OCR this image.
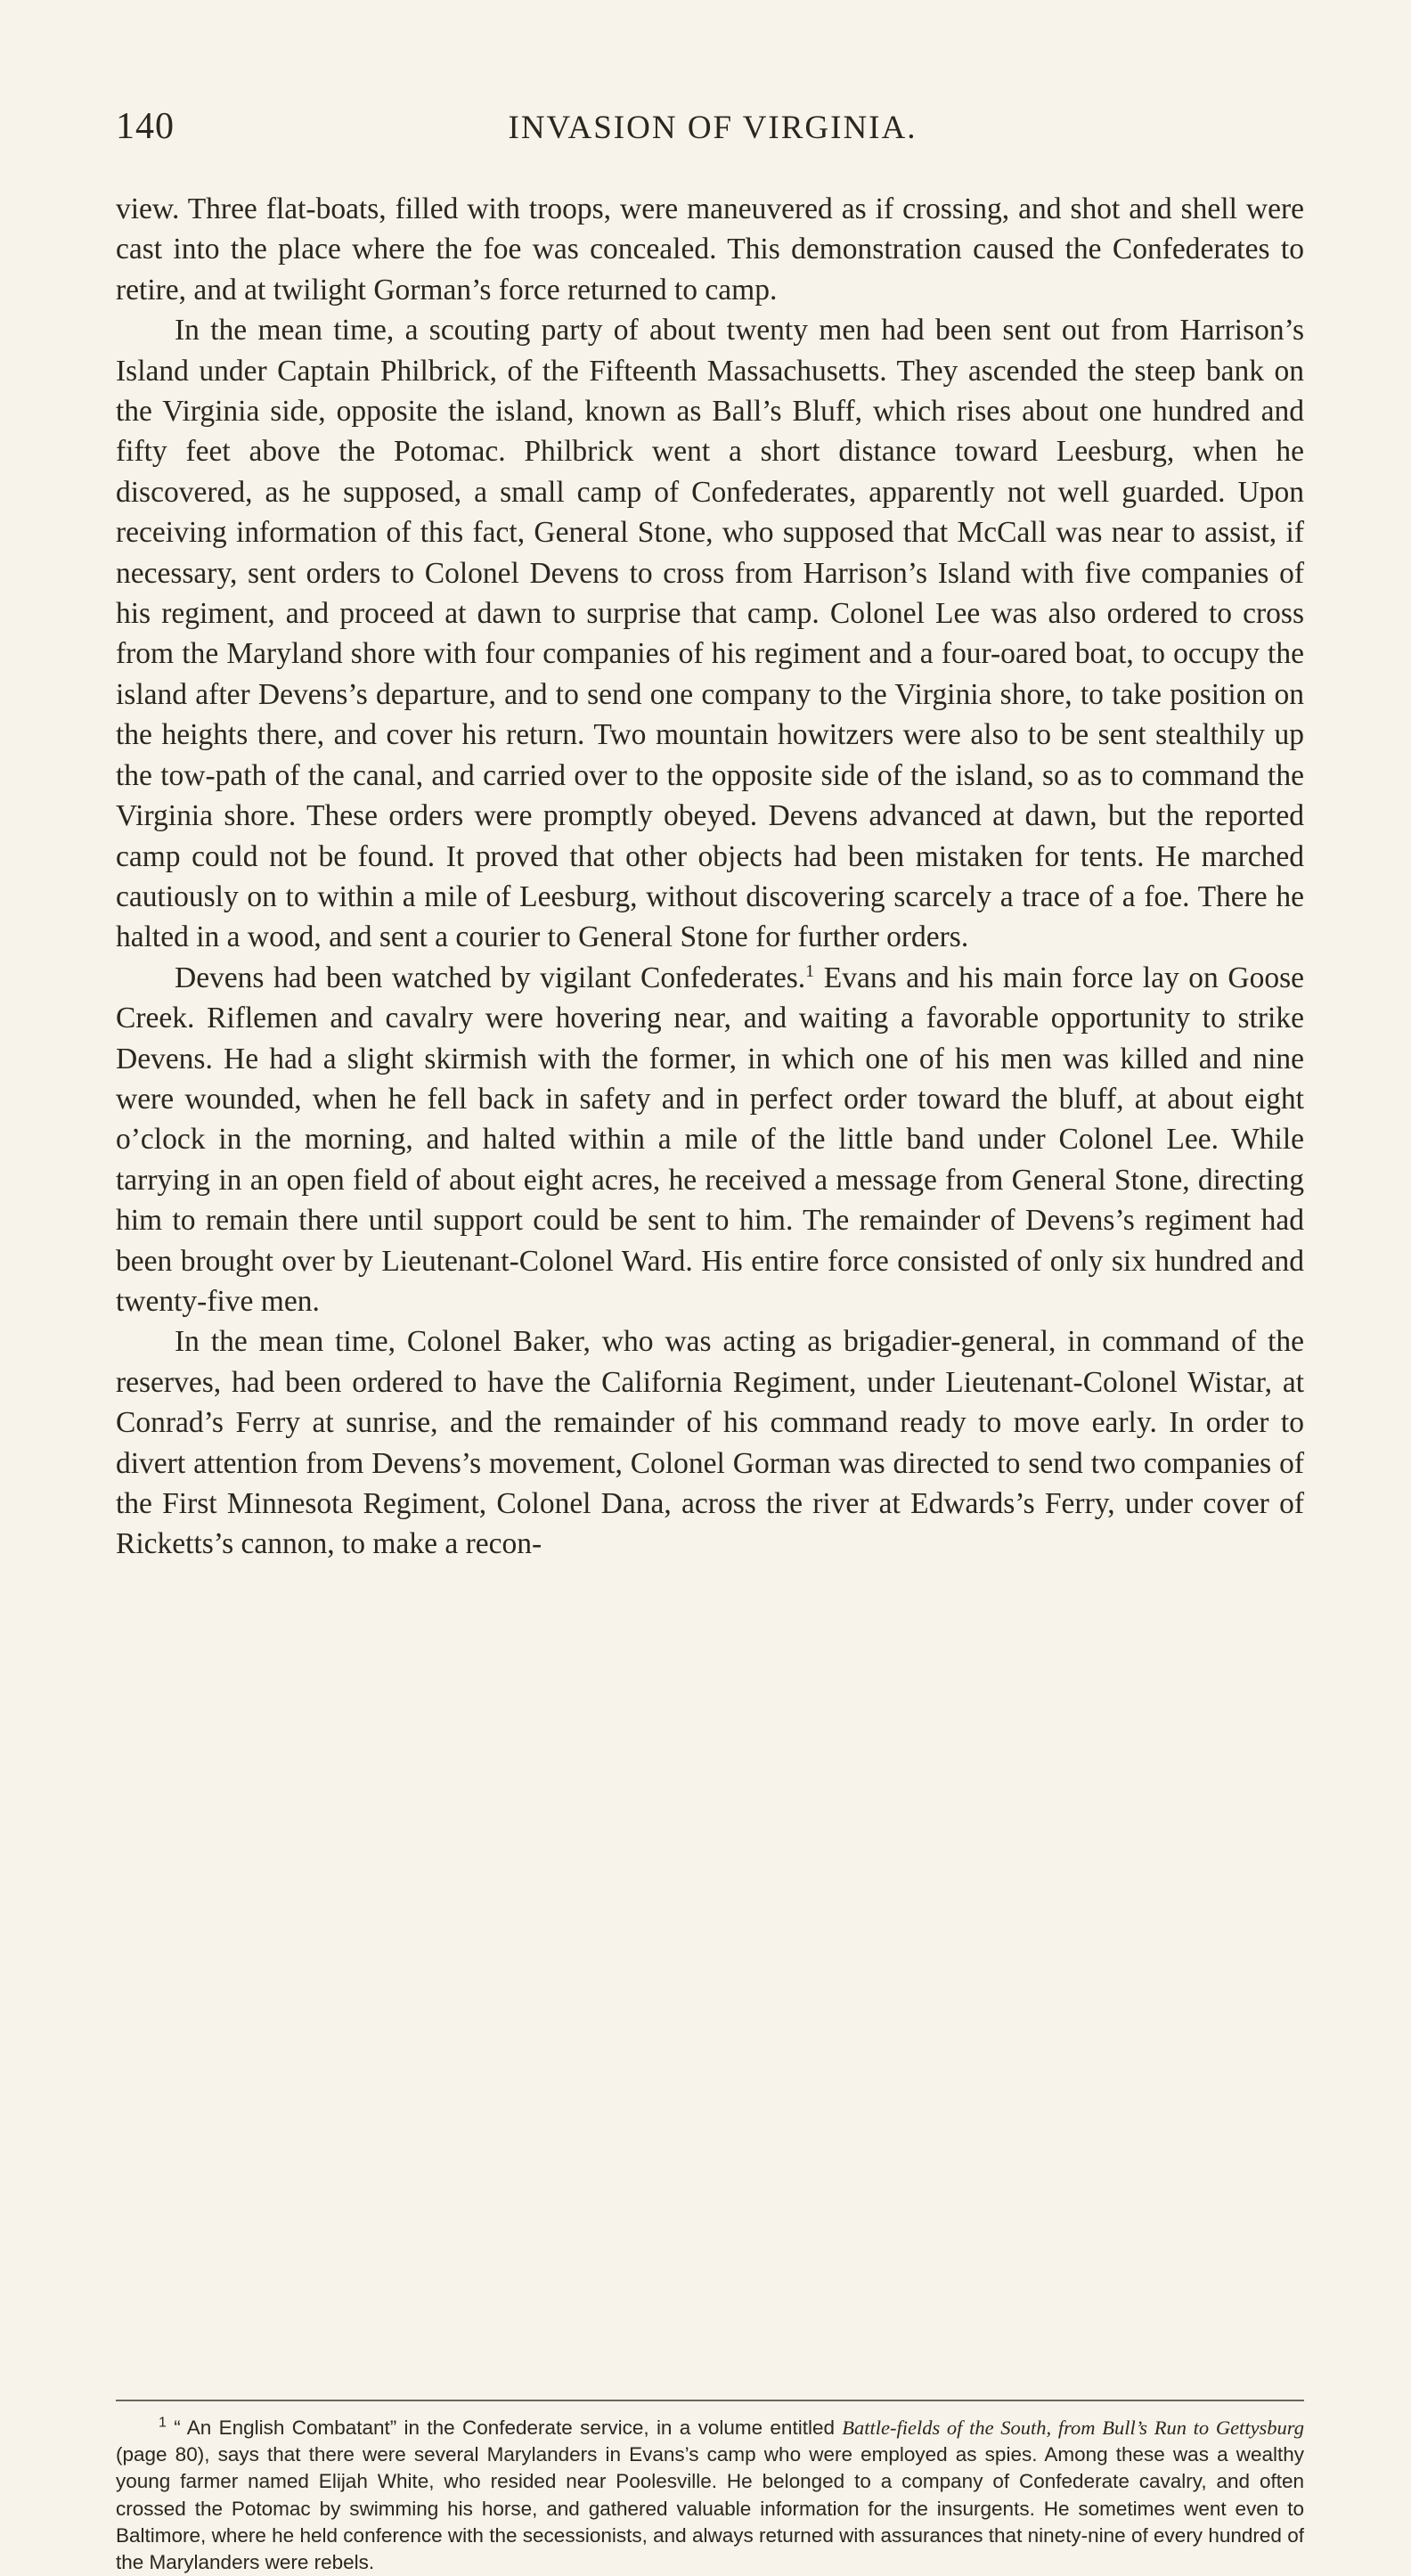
140	INVASION OF VIRGINIA.

view. Three flat-boats, filled with troops, were maneuvered as if crossing, and shot and shell were cast into the place where the foe was concealed. This demonstration caused the Confederates to retire, and at twilight Gorman’s force returned to camp.

In the mean time, a scouting party of about twenty men had been sent out from Harrison’s Island under Captain Philbrick, of the Fifteenth Massachusetts. They ascended the steep bank on the Virginia side, opposite the island, known as Ball’s Bluff, which rises about one hundred and fifty feet above the Potomac. Philbrick went a short distance toward Leesburg, when he discovered, as he supposed, a small camp of Confederates, apparently not well guarded. Upon receiving information of this fact, General Stone, who supposed that McCall was near to assist, if necessary, sent orders to Colonel Devens to cross from Harrison’s Island with five companies of his regiment, and proceed at dawn to surprise that camp. Colonel Lee was also ordered to cross from the Maryland shore with four companies of his regiment and a four-oared boat, to occupy the island after Devens’s departure, and to send one company to the Virginia shore, to take position on the heights there, and cover his return. Two mountain howitzers were also to be sent stealthily up the tow-path of the canal, and carried over to the opposite side of the island, so as to command the Virginia shore. These orders were promptly obeyed. Devens advanced at dawn, but the reported camp could not be found. It proved that other objects had been mistaken for tents. He marched cautiously on to within a mile of Leesburg, without discovering scarcely a trace of a foe. There he halted in a wood, and sent a courier to General Stone for further orders.

Devens had been watched by vigilant Confederates.$^1$ Evans and his main force lay on Goose Creek. Riflemen and cavalry were hovering near, and waiting a favorable opportunity to strike Devens. He had a slight skirmish with the former, in which one of his men was killed and nine were wounded, when he fell back in safety and in perfect order toward the bluff, at about eight o’clock in the morning, and halted within a mile of the little band under Colonel Lee. While tarrying in an open field of about eight acres, he received a message from General Stone, directing him to remain there until support could be sent to him. The remainder of Devens’s regiment had been brought over by Lieutenant-Colonel Ward. His entire force consisted of only six hundred and twenty-five men.

In the mean time, Colonel Baker, who was acting as brigadier-general, in command of the reserves, had been ordered to have the California Regiment, under Lieutenant-Colonel Wistar, at Conrad’s Ferry at sunrise, and the remainder of his command ready to move early. In order to divert attention from Devens’s movement, Colonel Gorman was directed to send two companies of the First Minnesota Regiment, Colonel Dana, across the river at Edwards’s Ferry, under cover of Ricketts’s cannon, to make a recon-

$^1$ “ An English Combatant” in the Confederate service, in a volume entitled Battle-fields of the South, from Bull’s Run to Gettysburg (page 80), says that there were several Marylanders in Evans’s camp who were employed as spies. Among these was a wealthy young farmer named Elijah White, who resided near Poolesville. He belonged to a company of Confederate cavalry, and often crossed the Potomac by swimming his horse, and gathered valuable information for the insurgents. He sometimes went even to Baltimore, where he held conference with the secessionists, and always returned with assurances that ninety-nine of every hundred of the Marylanders were rebels.
